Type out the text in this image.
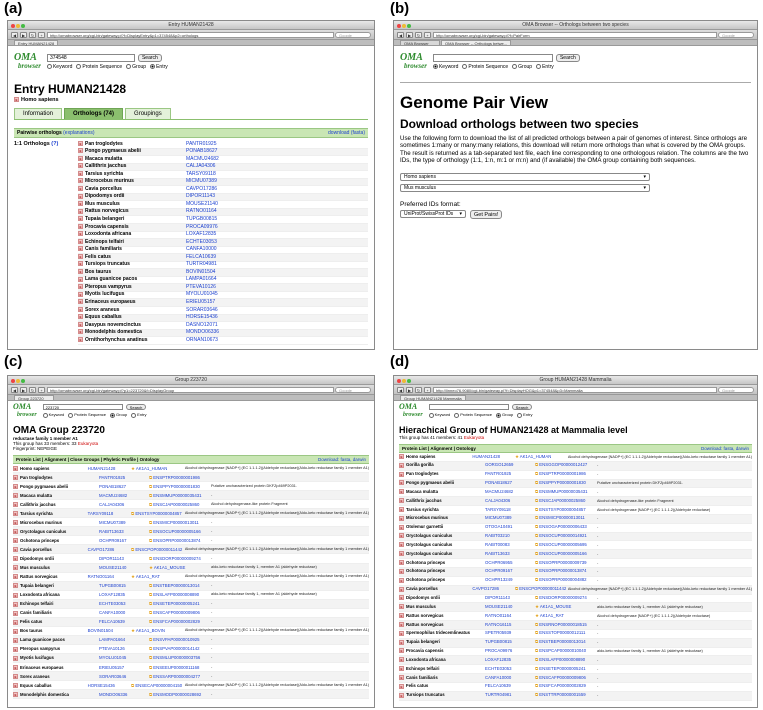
(a)	(b)
(c)	(d)
Entry HUMAN21428
◀	▶	↻	+	http://omabrowser.org/cgi-bin/gateway.pl?f=DisplayEntry&p1=374548&p2=orthologs	Google
Entry HUMAN21428
OMA
browser
374548	Search
Keyword	Protein Sequence	Group	Entry
Entry HUMAN21428
E Homo sapiens
Information	Orthologs (74)	Groupings
Pairwise orthologs (explanations)	download (fasta)
1:1 Orthologs (?)	E Pan troglodytes	PANTR01925
E Pongo pygmaeus abelii	PONAB18627
E Macaca mulatta	MACMU24682
E Callithrix jacchus	CALJA04306
E Tarsius syrichta	TARSY09118
E Microcebus murinus	MICMU07389
E Cavia porcellus	CAVPO17286
E Dipodomys ordii	DIPOR11143
E Mus musculus	MOUSE21140
E Rattus norvegicus	RATNO01164
E Tupaia belangeri	TUPGB00815
E Procavia capensis	PROCA09976
E Loxodonta africana	LOXAF12835
E Echinops telfairi	ECHTE03053
E Canis familiaris	CANFA10000
E Felis catus	FELCA10639
E Tursiops truncatus	TURTR04981
E Bos taurus	BOVIN01504
E Lama guanicoe pacos	LAMPA01664
E Pteropus vampyrus	PTEVA10126
E Myotis lucifugus	MYOLU01045
E Erinaceus europaeus	ERIEU05157
E Sorex araneus	SORAR03646
E Equus caballus	HORSE15436
E Dasypus novemcinctus	DASNO12071
E Monodelphis domestica	MONDO06336
E Ornithorhynchus anatinus	ORNAN10673
OMA Browser -- Orthologs between two species
◀	▶	↻	+	http://omabrowser.org/cgi-bin/gateway.pl?f=PairForm	Google
OMA Browser	OMA Browser -- Orthologs betwe...
OMA
browser
Search
Keyword	Protein Sequence	Group	Entry
Genome Pair View
Download orthologs between two species

Use the following form to download the list of all predicted orthologs between a pair of genomes of interest. Since orthologs are sometimes 1:many or many:many relations, this download will return more orthologs than what is covered by the OMA groups. The result is returned as a tab-separated text file, each line corresponding to one orthologous relation. The columns are the two IDs, the type of orthology (1:1, 1:n, m:1 or m:n) and (if available) the OMA group containing both sequences.

Homo sapiens ▾
Mus musculus ▾
Preferred IDs format:
UniProt/SwissProt IDs ▾	Get Pairs!
Group 223720
◀	▶	↻	+	http://omabrowser.org/cgi-bin/gateway.pl?p1=223720&f=DisplayGroup	Google
Group 223720
OMA
browser
223720	Search
Keyword	Protein Sequence	Group	Entry
OMA Group 223720
reductase family 1 member A1
This group has 33 members: 33 Eukaryota
Fingerprint: NEPEIGE
Protein List | Alignment | Close Groups | Phyletic Profile | Ontology	Download: fasta, darwin
E Homo sapiens	HUMAN21428	★ AK1A1_HUMAN	Alcohol dehydrogenase [NADP+] (EC 1.1.1.2)(Aldehyde reductase)(Aldo-keto reductase family 1 member A1)
E Pan troglodytes	PANTR01925	⧉ ENSPTRP00000001986
E Pongo pygmaeus abelii	PONAB18627	⧉ ENSPPYP00000001830	Putative uncharacterized protein DKFZp469P2031.
E Macaca mulatta	MACMU24682	⧉ ENSMMUP00000035431	-
E Callithrix jacchus	CALJA04306	⧉ ENSCJAP00000025860	Alcohol dehydrogenase-like protein Fragment
E Tarsius syrichta	TARSY09118	⧉ ENSTSYP00000004857 Alcohol dehydrogenase [NADP+] (EC 1.1.1.2)(Aldehyde reductase)(Aldo-keto reductase family 1 member A1)
E Microcebus murinus	MICMU07389	⧉ ENSMICP00000013011	-
E Oryctolagus cuniculus	RABIT13633	⧉ ENSOCUP00000005166	-
E Ochotona princeps	OCHPR09167	⧉ ENSOPRP00000013874	-
E Cavia porcellus	CAVPO17286	⧉ ENSCPOP00000011442 Alcohol dehydrogenase [NADP+] (EC 1.1.1.2)(Aldehyde reductase)(Aldo-keto reductase family 1 member A1)
E Dipodomys ordii	DIPOR11143	⧉ ENSDORP00000009274	-
E Mus musculus	MOUSE21140	★ AK1A1_MOUSE	aldo-keto reductase family 1, member A1 (aldehyde reductase)
E Rattus norvegicus	RATNO01164	★ AK1A1_RAT	Alcohol dehydrogenase [NADP+] (EC 1.1.1.2)(Aldehyde reductase)(Aldo-keto reductase family 1 member A1)
E Tupaia belangeri	TUPGB00815	⧉ ENSTBEP00000013014	-
E Loxodonta africana	LOXAF12835	⧉ ENSLAFP00000008890	aldo-keto reductase family 1, member A1 (aldehyde reductase)
E Echinops telfairi	ECHTE03053	⧉ ENSETEP00000005241	-
E Canis familiaris	CANFA10000	⧉ ENSCAFP00000009806	-
E Felis catus	FELCA10639	⧉ ENSFCAP00000002829	-
E Bos taurus	BOVIN01504	★ AK1A1_BOVIN	Alcohol dehydrogenase [NADP+] (EC 1.1.1.2)(Aldehyde reductase)(Aldo-keto reductase family 1 member A1)
E Lama guanicoe pacos	LAMPA01664	⧉ ENSVPAP00000010925	-
E Pteropus vampyrus	PTEVA10126	⧉ ENSPVAP00000014142	-
E Myotis lucifugus	MYOLU01045	⧉ ENSMLUP00000003756	-
E Erinaceus europaeus	ERIEU05157	⧉ ENSEEUP00000011168	-
E Sorex araneus	SORAR03646	⧉ ENSSARP00000004277	-
E Equus caballus	HORSE15436	⧉ ENSECAP00000004150 Alcohol dehydrogenase [NADP+] (EC 1.1.1.2)(Aldehyde reductase)(Aldo-keto reductase family 1 member A1)
E Monodelphis domestica	MONDO06336	⧉ ENSMODP00000028692	-
Group HUMAN21428 Mammalia
◀	▶	↻	+	http://linneo76.9080/cgi-bin/gateway.pl?f=DisplayHOG&p1=374548&p3=Mammalia	Google
Group HUMAN21428 Mammalia
OMA
browser
Search
Keyword	Protein Sequence	Group	Entry
Hierachical Group of HUMAN21428 at Mammalia level
This group has 41 members: 41 Eukaryota
Protein List | Alignment | Ontology	Download: fasta, darwin
E Homo sapiens	HUMAN21428	★ AK1A1_HUMAN	Alcohol dehydrogenase [NADP+] (EC 1.1.1.2)(Aldehyde reductase)(Aldo-keto reductase family 1 member A1)
E Gorilla gorilla	GORGO12659	⧉ ENSGGOP00000012427	-
E Pan troglodytes	PANTR01925	⧉ ENSPTRP00000001986	-
E Pongo pygmaeus abelii	PONAB18627	⧉ ENSPPYP00000001830	Putative uncharacterized protein DKFZp469P2031.
E Macaca mulatta	MACMU24682	⧉ ENSMMUP00000035431	-
E Callithrix jacchus	CALJA04306	⧉ ENSCJAP00000025860	Alcohol dehydrogenase-like protein Fragment
E Tarsius syrichta	TARSY09118	⧉ ENSTSYP00000004857	Alcohol dehydrogenase [NADP+] (EC 1.1.1.2)(Aldehyde reductase)
E Microcebus murinus	MICMU07389	⧉ ENSMICP00000013011	-
E Otolemur garnettii	OTOGA10491	⧉ ENSOGAP00000006433	-
E Oryctolagus cuniculus	RABIT03210	⧉ ENSOCUP00000014921	-
E Oryctolagus cuniculus	RABIT00083	⧉ ENSOCUP00000005695	-
E Oryctolagus cuniculus	RABIT13633	⧉ ENSOCUP00000005166	-
E Ochotona princeps	OCHPR06955	⧉ ENSOPRP00000009739	-
E Ochotona princeps	OCHPR09167	⧉ ENSOPRP00000013874	-
E Ochotona princeps	OCHPR13249	⧉ ENSOPRP00000004882	-
E Cavia porcellus	CAVPO17286	⧉ ENSCPOP00000011442 Alcohol dehydrogenase [NADP+] (EC 1.1.1.2)(Aldehyde reductase)(Aldo-keto reductase family 1 member A1)
E Dipodomys ordii	DIPOR11143	⧉ ENSDORP00000009274	-
E Mus musculus	MOUSE21140	★ AK1A1_MOUSE	aldo-keto reductase family 1, member A1 (aldehyde reductase)
E Rattus norvegicus	RATNO01164	★ AK1A1_RAT	Alcohol dehydrogenase [NADP+] (EC 1.1.1.2)(Aldehyde reductase)
E Rattus norvegicus	RATNO16115	⧉ ENSRNOP00000018515	-
E Spermophilus tridecemlineatus	SPETR05939	⧉ ENSSTOP00000012111	-
E Tupaia belangeri	TUPGB00815	⧉ ENSTBEP00000013014	-
E Procavia capensis	PROCA09976	⧉ ENSPCAP00000010040	aldo-keto reductase family 1, member A1 (aldehyde reductase)
E Loxodonta africana	LOXAF12835	⧉ ENSLAFP00000008890	-
E Echinops telfairi	ECHTE03053	⧉ ENSETEP00000005241	-
E Canis familiaris	CANFA10000	⧉ ENSCAFP00000009806	-
E Felis catus	FELCA10639	⧉ ENSFCAP00000002829	-
E Tursiops truncatus	TURTR04981	⧉ ENSTTRP00000001559	-
